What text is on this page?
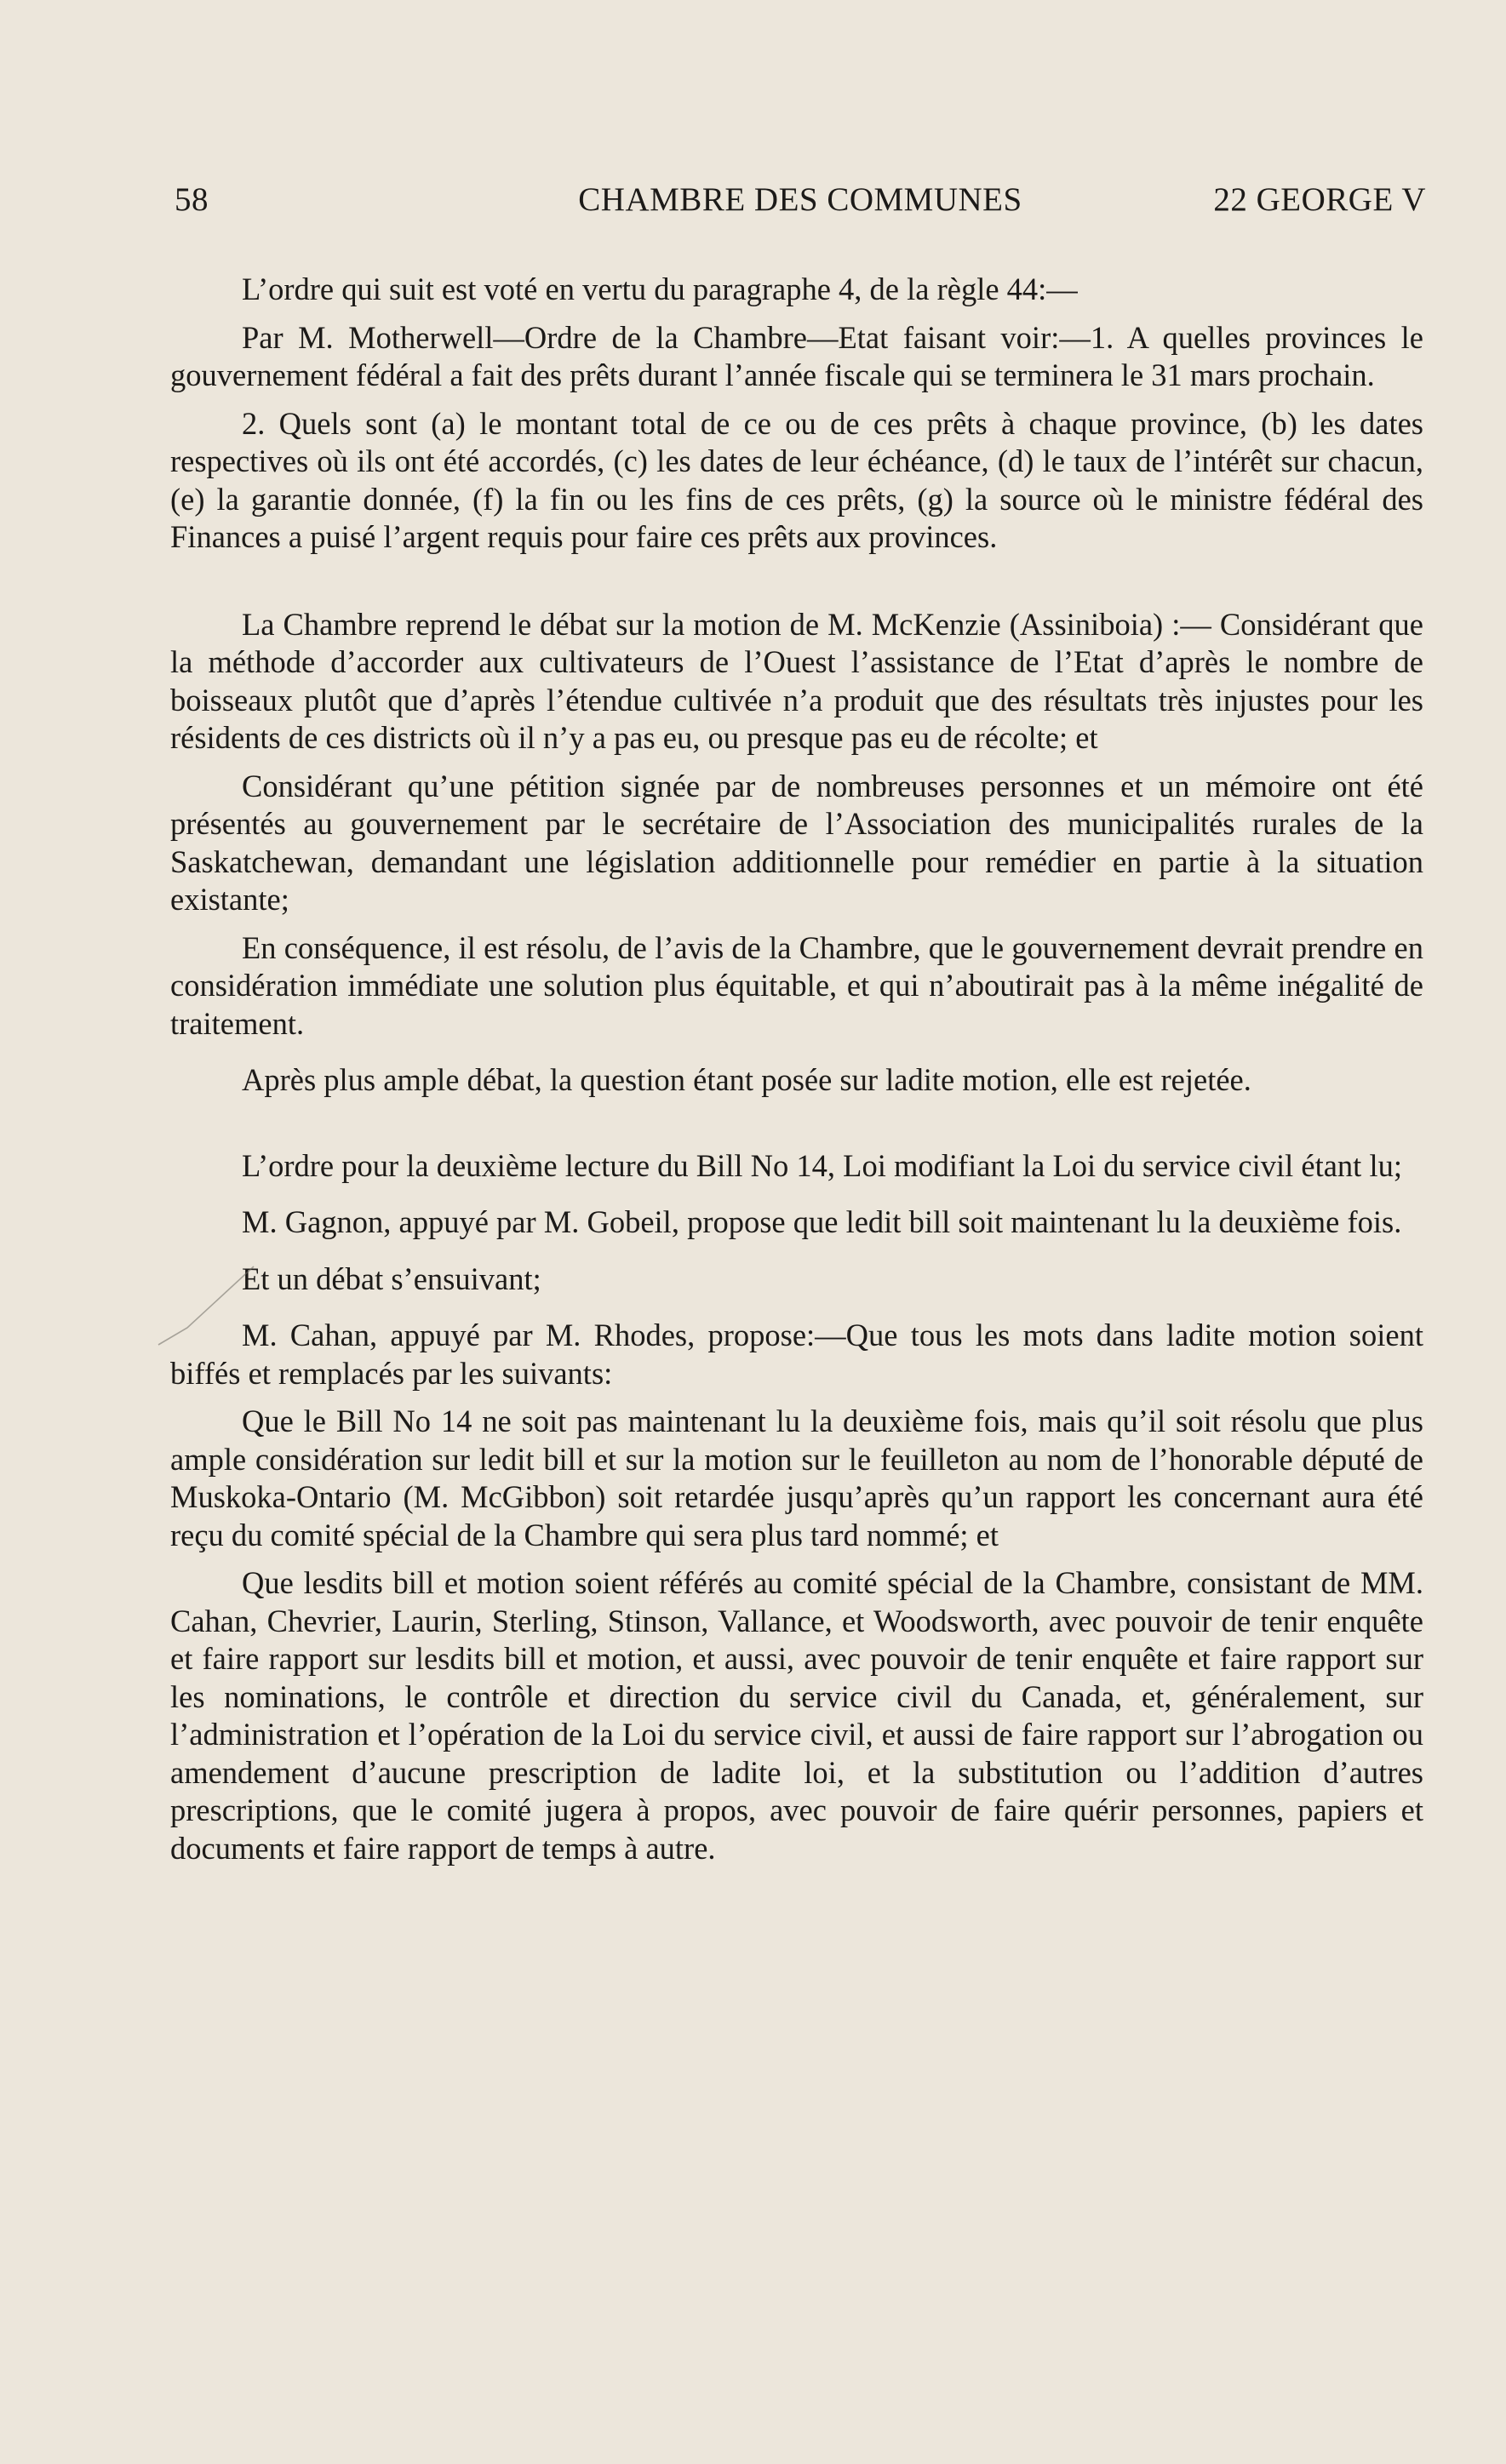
58	CHAMBRE DES COMMUNES	22 GEORGE V

L’ordre qui suit est voté en vertu du paragraphe 4, de la règle 44:—

Par M. Motherwell—Ordre de la Chambre—Etat faisant voir:—1. A quelles provinces le gouvernement fédéral a fait des prêts durant l’année fiscale qui se terminera le 31 mars prochain.

2. Quels sont (a) le montant total de ce ou de ces prêts à chaque province, (b) les dates respectives où ils ont été accordés, (c) les dates de leur échéance, (d) le taux de l’intérêt sur chacun, (e) la garantie donnée, (f) la fin ou les fins de ces prêts, (g) la source où le ministre fédéral des Finances a puisé l’argent requis pour faire ces prêts aux provinces.

La Chambre reprend le débat sur la motion de M. McKenzie (Assiniboia) :— Considérant que la méthode d’accorder aux cultivateurs de l’Ouest l’assistance de l’Etat d’après le nombre de boisseaux plutôt que d’après l’étendue cultivée n’a produit que des résultats très injustes pour les résidents de ces districts où il n’y a pas eu, ou presque pas eu de récolte; et

Considérant qu’une pétition signée par de nombreuses personnes et un mémoire ont été présentés au gouvernement par le secrétaire de l’Association des municipalités rurales de la Saskatchewan, demandant une législation additionnelle pour remédier en partie à la situation existante;

En conséquence, il est résolu, de l’avis de la Chambre, que le gouvernement devrait prendre en considération immédiate une solution plus équitable, et qui n’aboutirait pas à la même inégalité de traitement.

Après plus ample débat, la question étant posée sur ladite motion, elle est rejetée.

L’ordre pour la deuxième lecture du Bill No 14, Loi modifiant la Loi du service civil étant lu;

M. Gagnon, appuyé par M. Gobeil, propose que ledit bill soit maintenant lu la deuxième fois.

Et un débat s’ensuivant;

M. Cahan, appuyé par M. Rhodes, propose:—Que tous les mots dans ladite motion soient biffés et remplacés par les suivants:

Que le Bill No 14 ne soit pas maintenant lu la deuxième fois, mais qu’il soit résolu que plus ample considération sur ledit bill et sur la motion sur le feuilleton au nom de l’honorable député de Muskoka-Ontario (M. McGibbon) soit retardée jusqu’après qu’un rapport les concernant aura été reçu du comité spécial de la Chambre qui sera plus tard nommé; et

Que lesdits bill et motion soient référés au comité spécial de la Chambre, consistant de MM. Cahan, Chevrier, Laurin, Sterling, Stinson, Vallance, et Woodsworth, avec pouvoir de tenir enquête et faire rapport sur lesdits bill et motion, et aussi, avec pouvoir de tenir enquête et faire rapport sur les nominations, le contrôle et direction du service civil du Canada, et, généralement, sur l’administration et l’opération de la Loi du service civil, et aussi de faire rapport sur l’abrogation ou amendement d’aucune prescription de ladite loi, et la substitution ou l’addition d’autres prescriptions, que le comité jugera à propos, avec pouvoir de faire quérir personnes, papiers et documents et faire rapport de temps à autre.
